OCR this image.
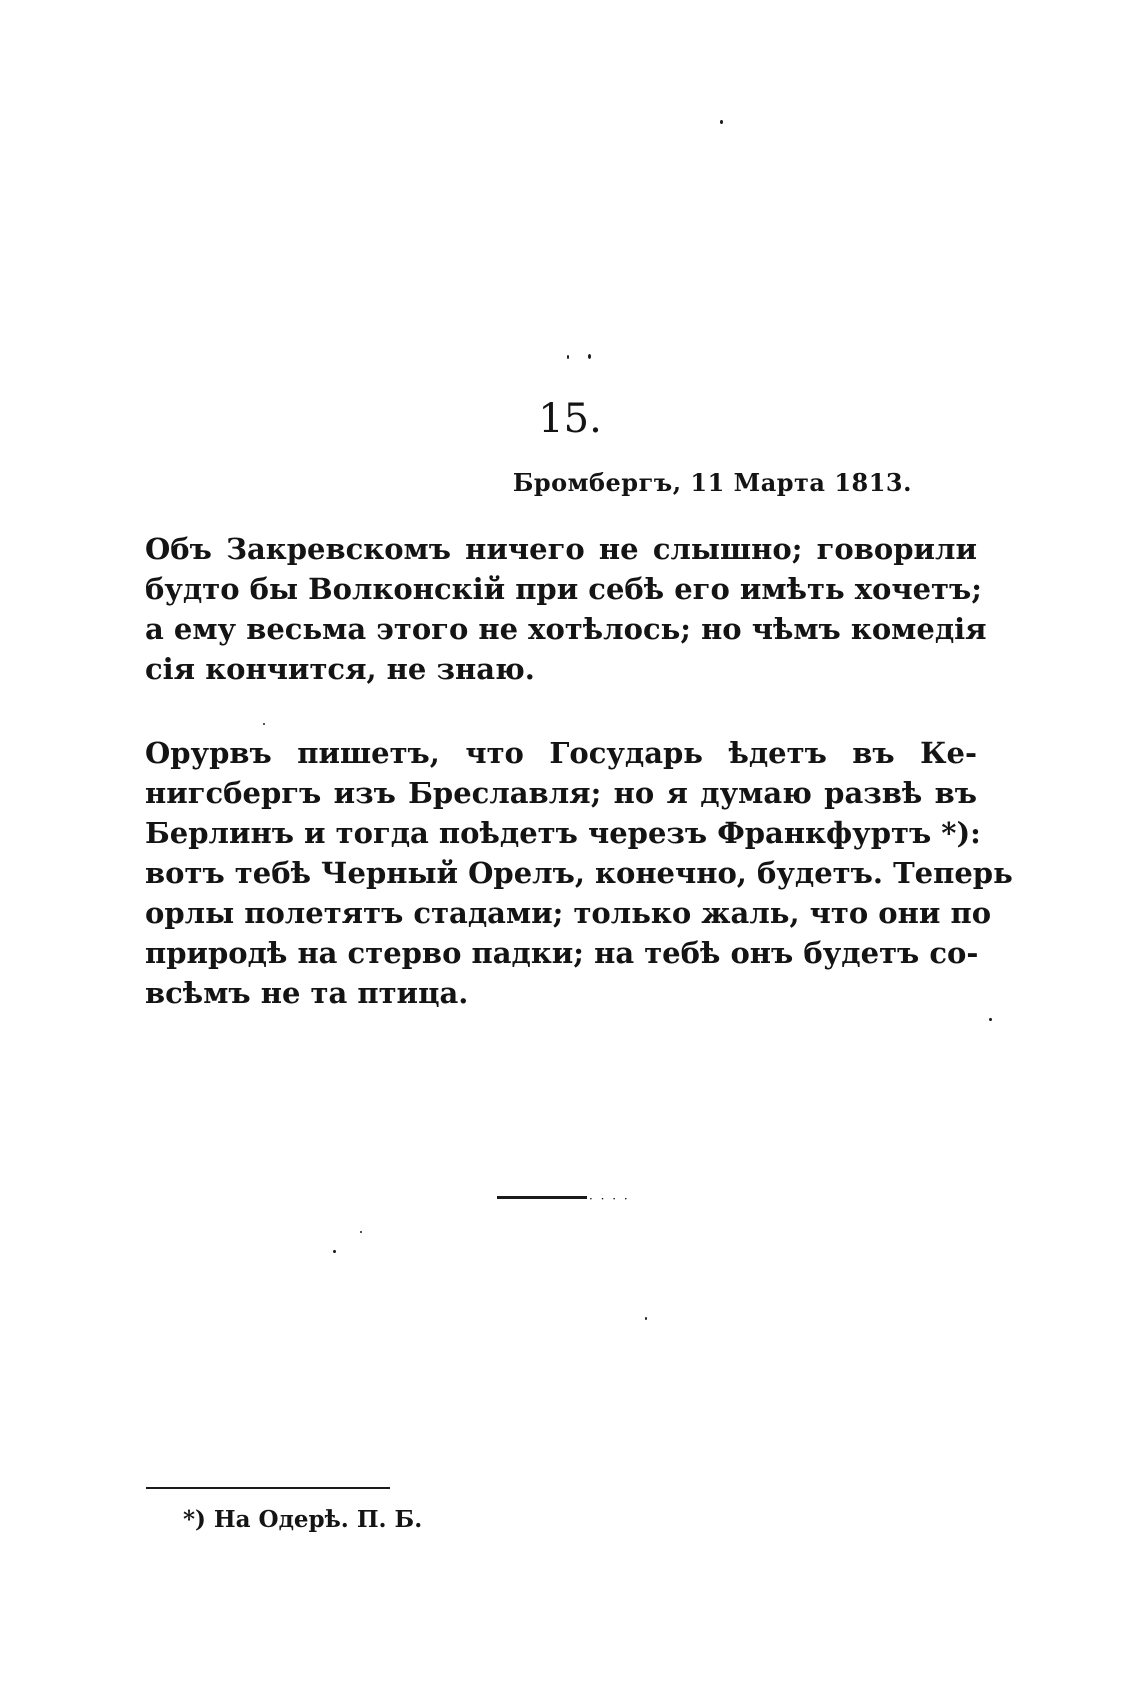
15.
Бромбергъ, 11 Марта 1813.

Объ Закревскомъ ничего не слышно; говорили
будто бы Волконскій при себѣ его имѣть хочетъ;
а ему весьма этого не хотѣлось; но чѣмъ комедія
сія кончится, не знаю.

Орурвъ пишетъ, что Государь ѣдетъ въ Ке-
нигсбергъ изъ Бреславля; но я думаю развѣ въ
Берлинъ и тогда поѣдетъ черезъ Франкфуртъ *):
вотъ тебѣ Черный Орелъ, конечно, будетъ. Теперь
орлы полетятъ стадами; только жаль, что они по
природѣ на стерво падки; на тебѣ онъ будетъ со-
всѣмъ не та птица.

· · · ·
*) На Одерѣ. П. Б.
